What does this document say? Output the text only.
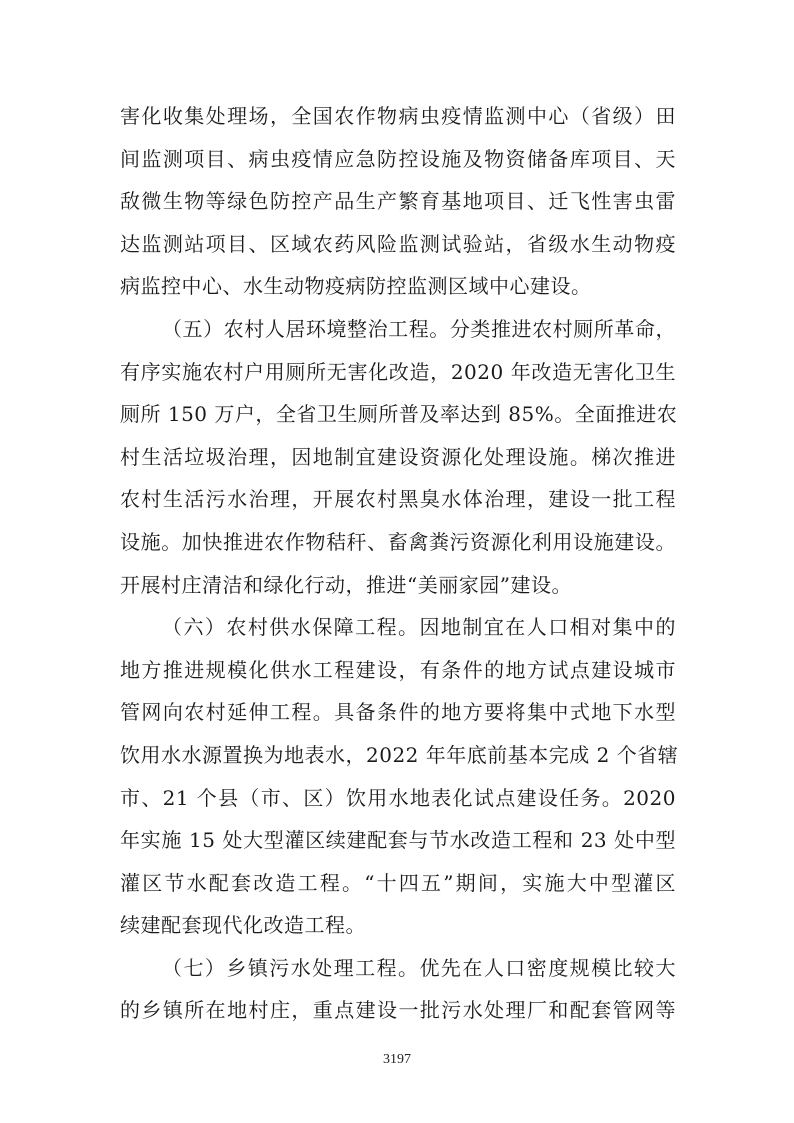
害化收集处理场，全国农作物病虫疫情监测中心（省级）田
间监测项目、病虫疫情应急防控设施及物资储备库项目、天
敌微生物等绿色防控产品生产繁育基地项目、迁飞性害虫雷
达监测站项目、区域农药风险监测试验站，省级水生动物疫
病监控中心、水生动物疫病防控监测区域中心建设。
（五）农村人居环境整治工程。分类推进农村厕所革命，
有序实施农村户用厕所无害化改造，2020 年改造无害化卫生
厕所 150 万户，全省卫生厕所普及率达到 85%。全面推进农
村生活垃圾治理，因地制宜建设资源化处理设施。梯次推进
农村生活污水治理，开展农村黑臭水体治理，建设一批工程
设施。加快推进农作物秸秆、畜禽粪污资源化利用设施建设。
开展村庄清洁和绿化行动，推进“美丽家园”建设。
（六）农村供水保障工程。因地制宜在人口相对集中的
地方推进规模化供水工程建设，有条件的地方试点建设城市
管网向农村延伸工程。具备条件的地方要将集中式地下水型
饮用水水源置换为地表水，2022 年年底前基本完成 2 个省辖
市、21 个县（市、区）饮用水地表化试点建设任务。2020
年实施 15 处大型灌区续建配套与节水改造工程和 23 处中型
灌区节水配套改造工程。“十四五”期间，实施大中型灌区
续建配套现代化改造工程。
（七）乡镇污水处理工程。优先在人口密度规模比较大
的乡镇所在地村庄，重点建设一批污水处理厂和配套管网等
3197
